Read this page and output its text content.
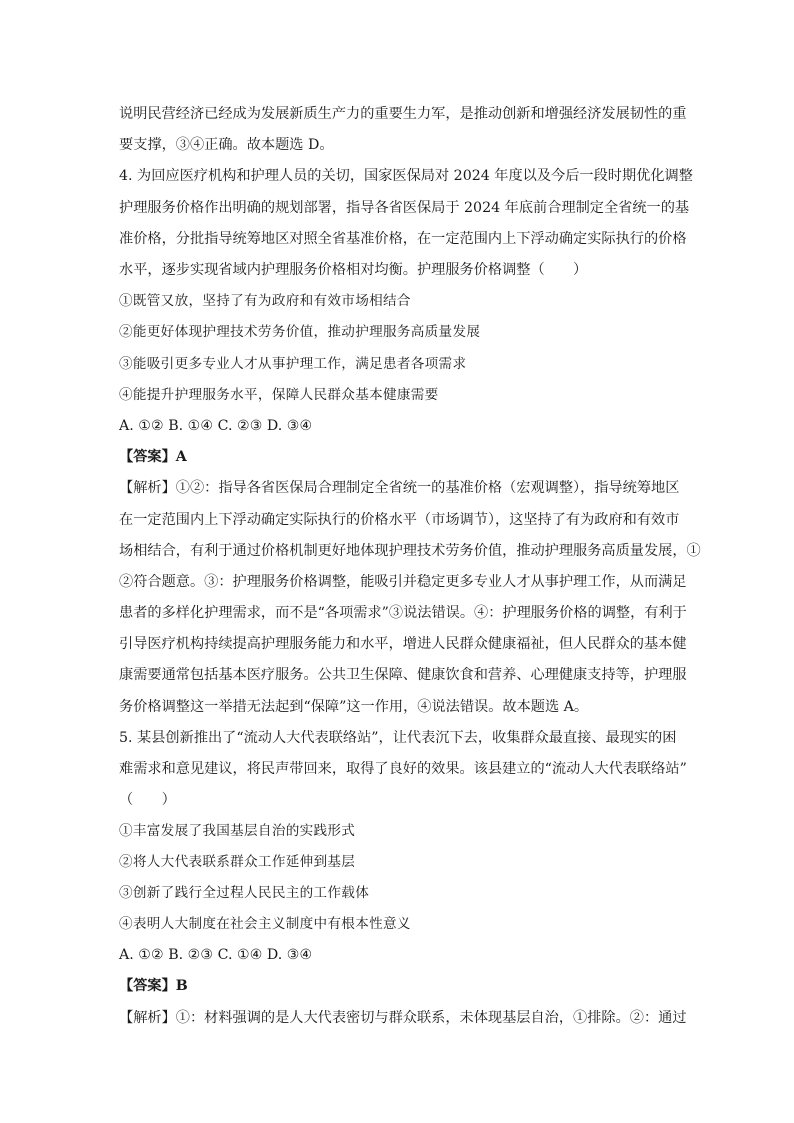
说明民营经济已经成为发展新质生产力的重要生力军，是推动创新和增强经济发展韧性的重
要支撑，③④正确。故本题选 D。
4. 为回应医疗机构和护理人员的关切，国家医保局对 2024 年度以及今后一段时期优化调整
护理服务价格作出明确的规划部署，指导各省医保局于 2024 年底前合理制定全省统一的基
准价格，分批指导统筹地区对照全省基准价格，在一定范围内上下浮动确定实际执行的价格
水平，逐步实现省域内护理服务价格相对均衡。护理服务价格调整（　　）
①既管又放，坚持了有为政府和有效市场相结合
②能更好体现护理技术劳务价值，推动护理服务高质量发展
③能吸引更多专业人才从事护理工作，满足患者各项需求
④能提升护理服务水平，保障人民群众基本健康需要
A. ①② B. ①④ C. ②③ D. ③④
【答案】A
【解析】①②：指导各省医保局合理制定全省统一的基准价格（宏观调整），指导统筹地区
在一定范围内上下浮动确定实际执行的价格水平（市场调节），这坚持了有为政府和有效市
场相结合，有利于通过价格机制更好地体现护理技术劳务价值，推动护理服务高质量发展，①
②符合题意。③：护理服务价格调整，能吸引并稳定更多专业人才从事护理工作，从而满足
患者的多样化护理需求，而不是“各项需求”③说法错误。④：护理服务价格的调整，有利于
引导医疗机构持续提高护理服务能力和水平，增进人民群众健康福祉，但人民群众的基本健
康需要通常包括基本医疗服务。公共卫生保障、健康饮食和营养、心理健康支持等，护理服
务价格调整这一举措无法起到“保障”这一作用，④说法错误。故本题选 A。
5. 某县创新推出了“流动人大代表联络站”，让代表沉下去，收集群众最直接、最现实的困
难需求和意见建议，将民声带回来，取得了良好的效果。该县建立的“流动人大代表联络站”
（　　）
①丰富发展了我国基层自治的实践形式
②将人大代表联系群众工作延伸到基层
③创新了践行全过程人民民主的工作载体
④表明人大制度在社会主义制度中有根本性意义
A. ①② B. ②③ C. ①④ D. ③④
【答案】B
【解析】①：材料强调的是人大代表密切与群众联系，未体现基层自治，①排除。②：通过
